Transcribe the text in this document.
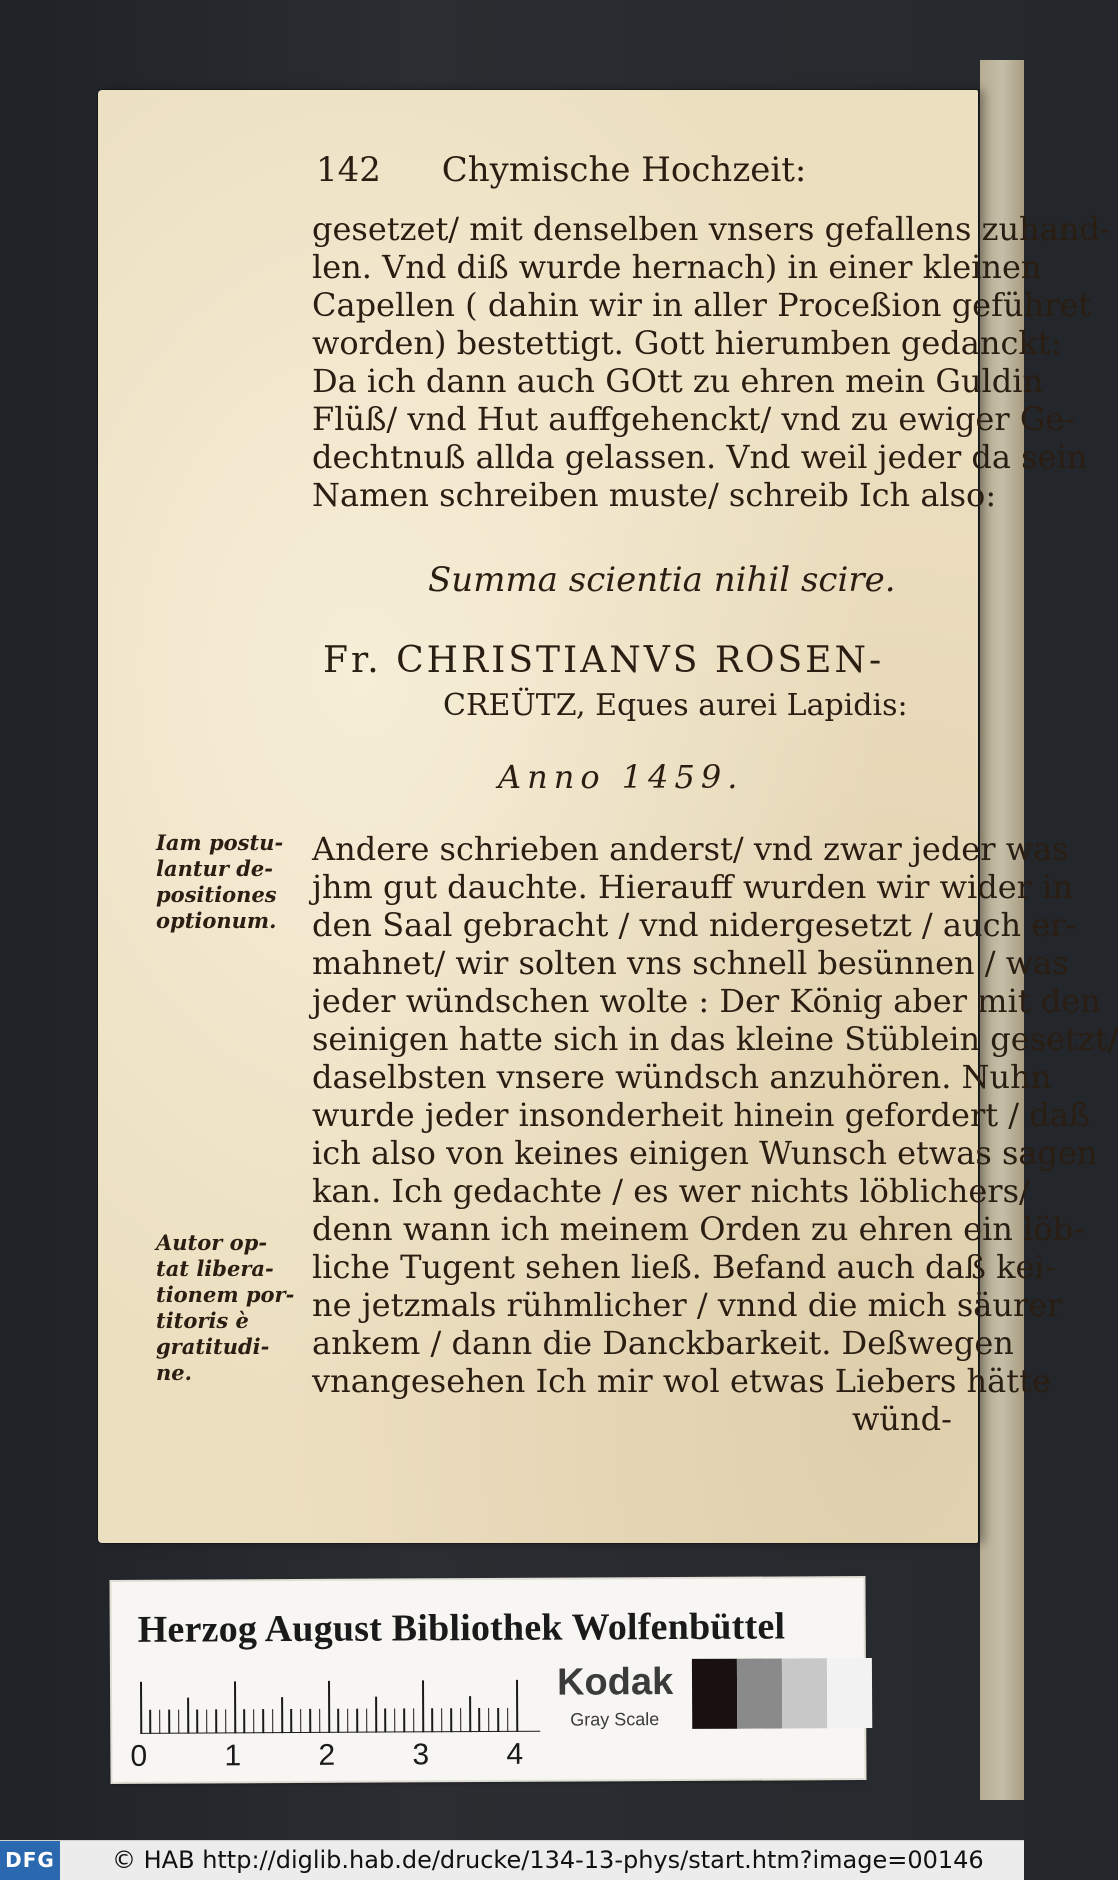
142 Chymische Hochzeit:
gesetzet/ mit denselben vnsers gefallens zuhand-
len. Vnd diß wurde hernach) in einer kleinen
Capellen ( dahin wir in aller Proceßion geführet
worden) bestettigt. Gott hierumben gedanckt:
Da ich dann auch GOtt zu ehren mein Guldin
Flüß/ vnd Hut auffgehenckt/ vnd zu ewiger Ge-
dechtnuß allda gelassen. Vnd weil jeder da sein
Namen schreiben muste/ schreib Ich also:
Summa scientia nihil scire.
Fr. CHRISTIANVS ROSEN-
CREÜTZ, Eques aurei Lapidis:
Anno 1459.
Iam postu-
lantur de-
positiones
optionum.
Andere schrieben anderst/ vnd zwar jeder was
jhm gut dauchte. Hierauff wurden wir wider in
den Saal gebracht / vnd nidergesetzt / auch er-
mahnet/ wir solten vns schnell besünnen / was
jeder wündschen wolte : Der König aber mit den
seinigen hatte sich in das kleine Stüblein gesetzt/
daselbsten vnsere wündsch anzuhören. Nuhn
wurde jeder insonderheit hinein gefordert / daß
ich also von keines einigen Wunsch etwas sagen
kan. Ich gedachte / es wer nichts löblichers/
denn wann ich meinem Orden zu ehren ein löb-
liche Tugent sehen ließ. Befand auch daß kei-
ne jetzmals rühmlicher / vnnd die mich säurer
ankem / dann die Danckbarkeit. Deßwegen
vnangesehen Ich mir wol etwas Liebers hätte
wünd-
Autor op-
tat libera-
tionem por-
titoris è
gratitudi-
ne.
Herzog August Bibliothek Wolfenbüttel
0	1	2	3	4
Kodak
Gray Scale
DFG © HAB http://diglib.hab.de/drucke/134-13-phys/start.htm?image=00146
